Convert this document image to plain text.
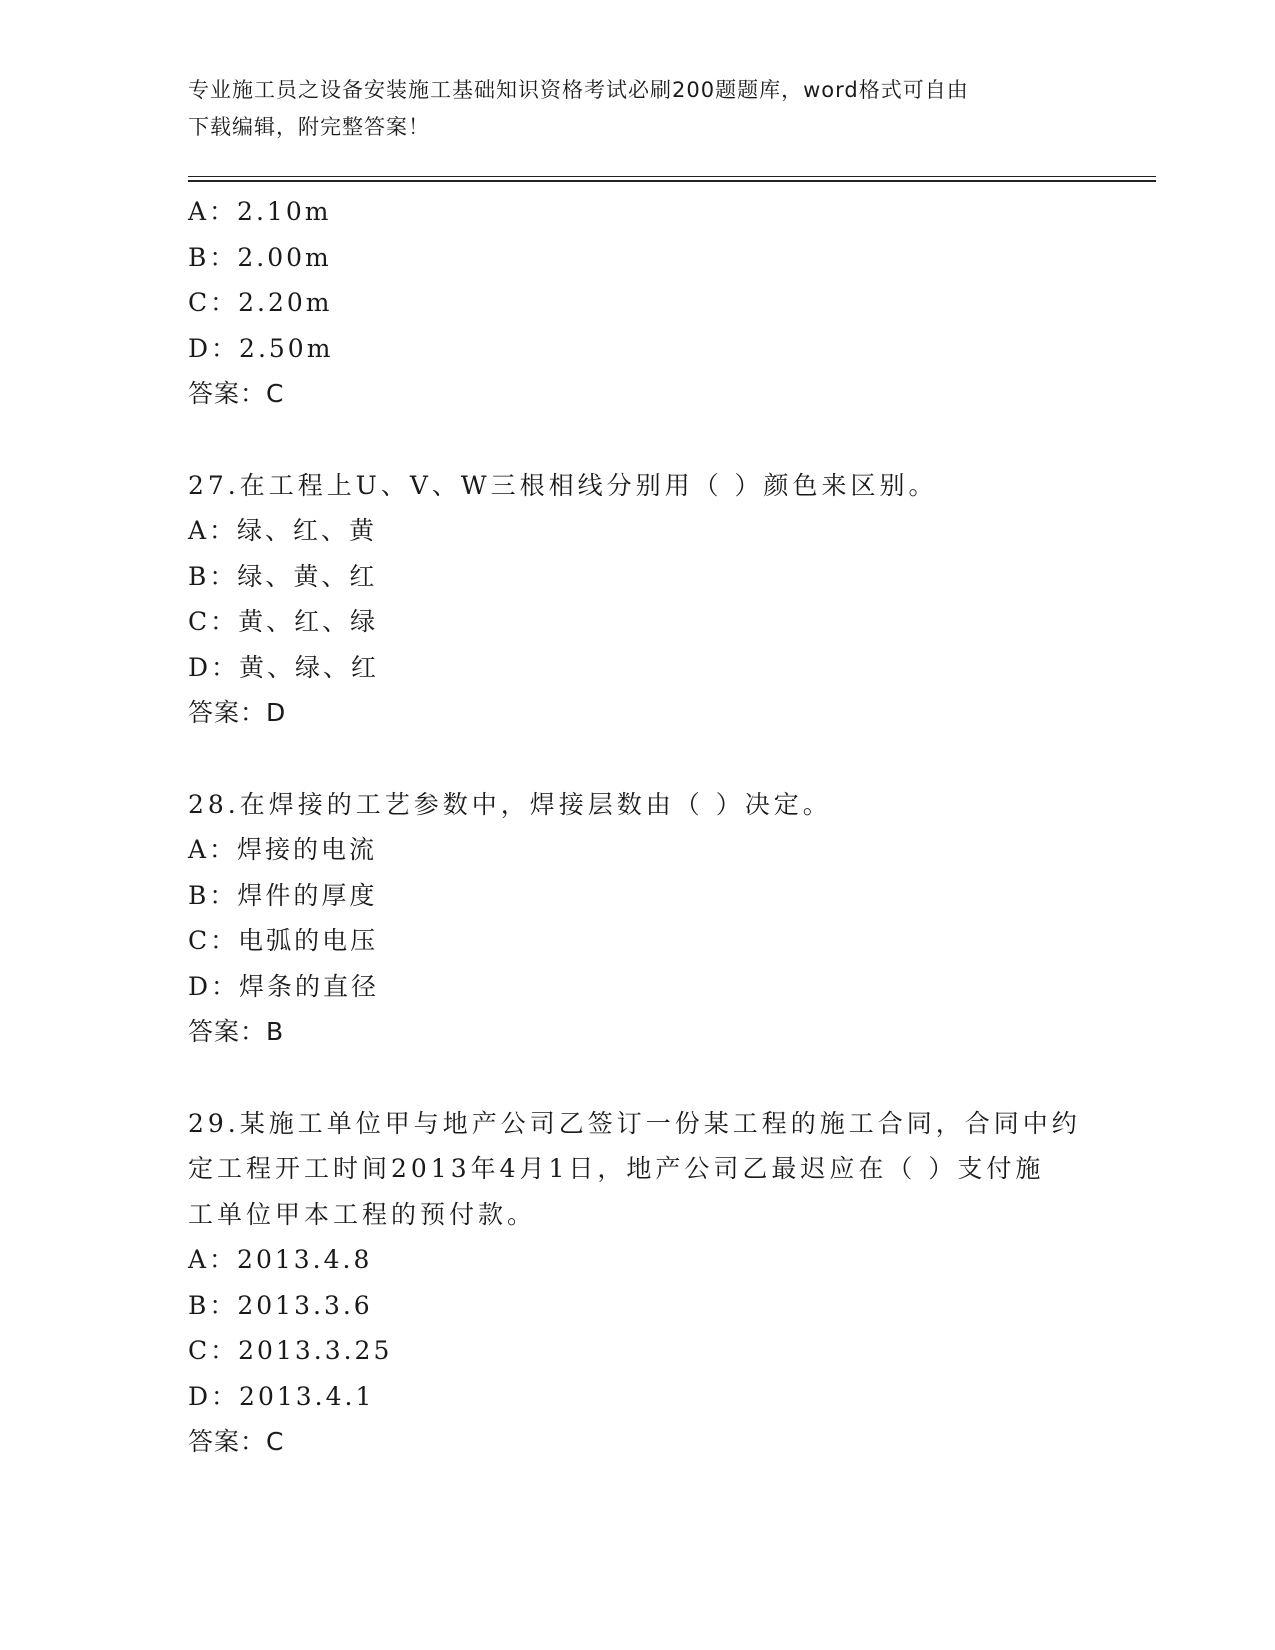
专业施工员之设备安装施工基础知识资格考试必刷200题题库，word格式可自由
下载编辑，附完整答案！
A：2.10m
B：2.00m
C：2.20m
D：2.50m
答案：C
27.在工程上U、V、W三根相线分别用（ ）颜色来区别。
A：绿、红、黄
B：绿、黄、红
C：黄、红、绿
D：黄、绿、红
答案：D
28.在焊接的工艺参数中，焊接层数由（ ）决定。
A：焊接的电流
B：焊件的厚度
C：电弧的电压
D：焊条的直径
答案：B
29.某施工单位甲与地产公司乙签订一份某工程的施工合同，合同中约
定工程开工时间2013年4月1日，地产公司乙最迟应在（ ）支付施
工单位甲本工程的预付款。
A：2013.4.8
B：2013.3.6
C：2013.3.25
D：2013.4.1
答案：C
